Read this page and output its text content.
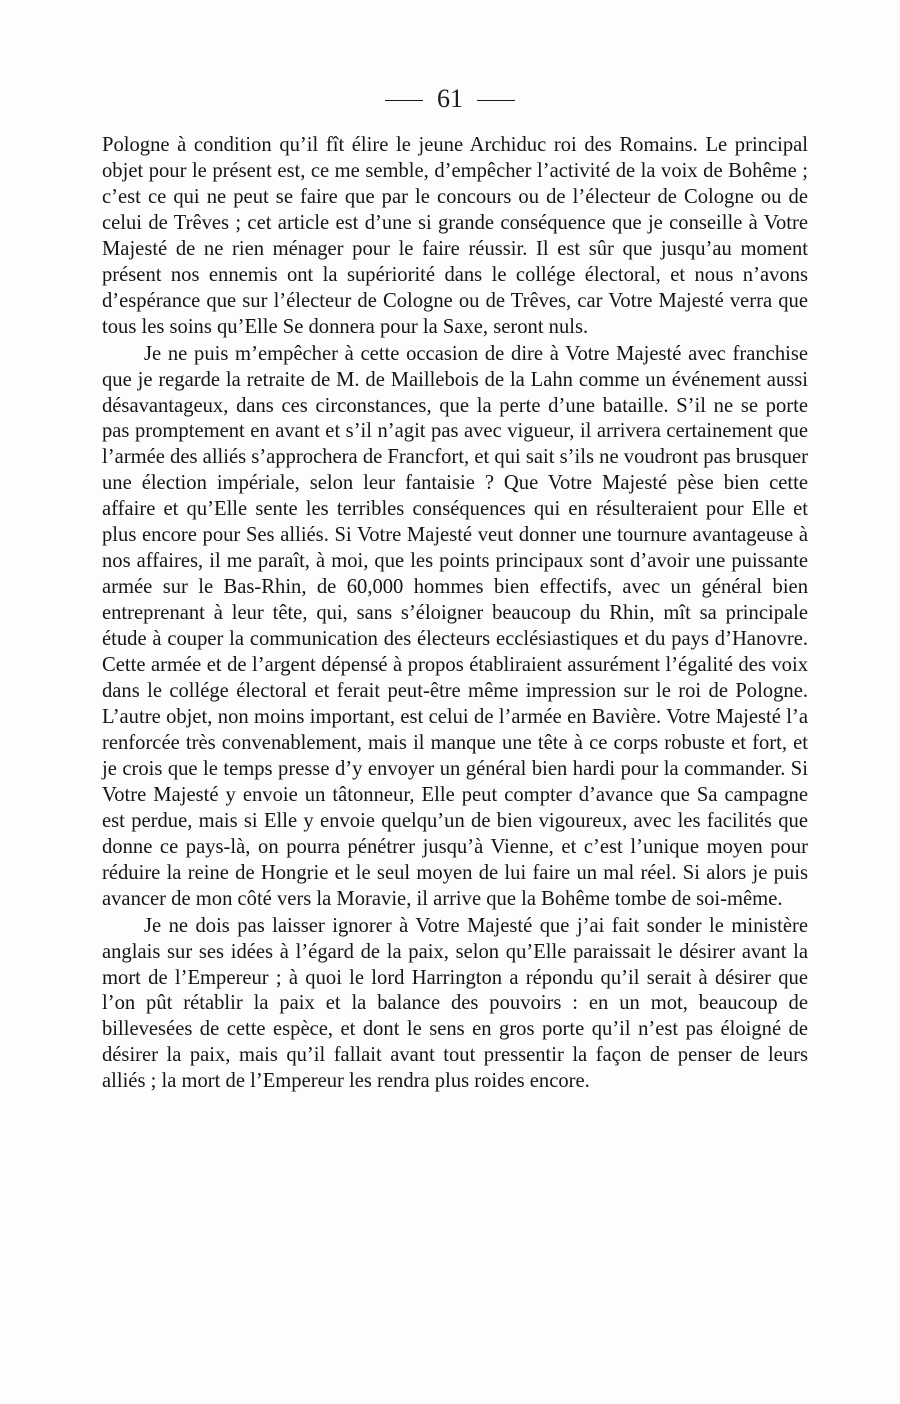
61

Pologne à condition qu’il fît élire le jeune Archiduc roi des Romains. Le principal objet pour le présent est, ce me semble, d’empêcher l’activité de la voix de Bohême ; c’est ce qui ne peut se faire que par le concours ou de l’électeur de Cologne ou de celui de Trêves ; cet article est d’une si grande conséquence que je conseille à Votre Majesté de ne rien ménager pour le faire réussir. Il est sûr que jusqu’au moment présent nos ennemis ont la supériorité dans le collége électoral, et nous n’avons d’espérance que sur l’électeur de Cologne ou de Trêves, car Votre Majesté verra que tous les soins qu’Elle Se donnera pour la Saxe, seront nuls.

Je ne puis m’empêcher à cette occasion de dire à Votre Majesté avec franchise que je regarde la retraite de M. de Maillebois de la Lahn comme un événement aussi désavantageux, dans ces circonstances, que la perte d’une bataille. S’il ne se porte pas promptement en avant et s’il n’agit pas avec vigueur, il arrivera certainement que l’armée des alliés s’approchera de Francfort, et qui sait s’ils ne voudront pas brusquer une élection impériale, selon leur fantaisie ? Que Votre Majesté pèse bien cette affaire et qu’Elle sente les terribles conséquences qui en résulteraient pour Elle et plus encore pour Ses alliés. Si Votre Majesté veut donner une tournure avantageuse à nos affaires, il me paraît, à moi, que les points principaux sont d’avoir une puissante armée sur le Bas-Rhin, de 60,000 hommes bien effectifs, avec un général bien entreprenant à leur tête, qui, sans s’éloigner beaucoup du Rhin, mît sa principale étude à couper la communication des électeurs ecclésiastiques et du pays d’Hanovre. Cette armée et de l’argent dépensé à propos établiraient assurément l’égalité des voix dans le collége électoral et ferait peut-être même impression sur le roi de Pologne. L’autre objet, non moins important, est celui de l’armée en Bavière. Votre Majesté l’a renforcée très convenablement, mais il manque une tête à ce corps robuste et fort, et je crois que le temps presse d’y envoyer un général bien hardi pour la commander. Si Votre Majesté y envoie un tâtonneur, Elle peut compter d’avance que Sa campagne est perdue, mais si Elle y envoie quelqu’un de bien vigoureux, avec les facilités que donne ce pays-là, on pourra pénétrer jusqu’à Vienne, et c’est l’unique moyen pour réduire la reine de Hongrie et le seul moyen de lui faire un mal réel. Si alors je puis avancer de mon côté vers la Moravie, il arrive que la Bohême tombe de soi-même.

Je ne dois pas laisser ignorer à Votre Majesté que j’ai fait sonder le ministère anglais sur ses idées à l’égard de la paix, selon qu’Elle paraissait le désirer avant la mort de l’Empereur ; à quoi le lord Harrington a répondu qu’il serait à désirer que l’on pût rétablir la paix et la balance des pouvoirs : en un mot, beaucoup de billevesées de cette espèce, et dont le sens en gros porte qu’il n’est pas éloigné de désirer la paix, mais qu’il fallait avant tout pressentir la façon de penser de leurs alliés ; la mort de l’Empereur les rendra plus roides encore.
